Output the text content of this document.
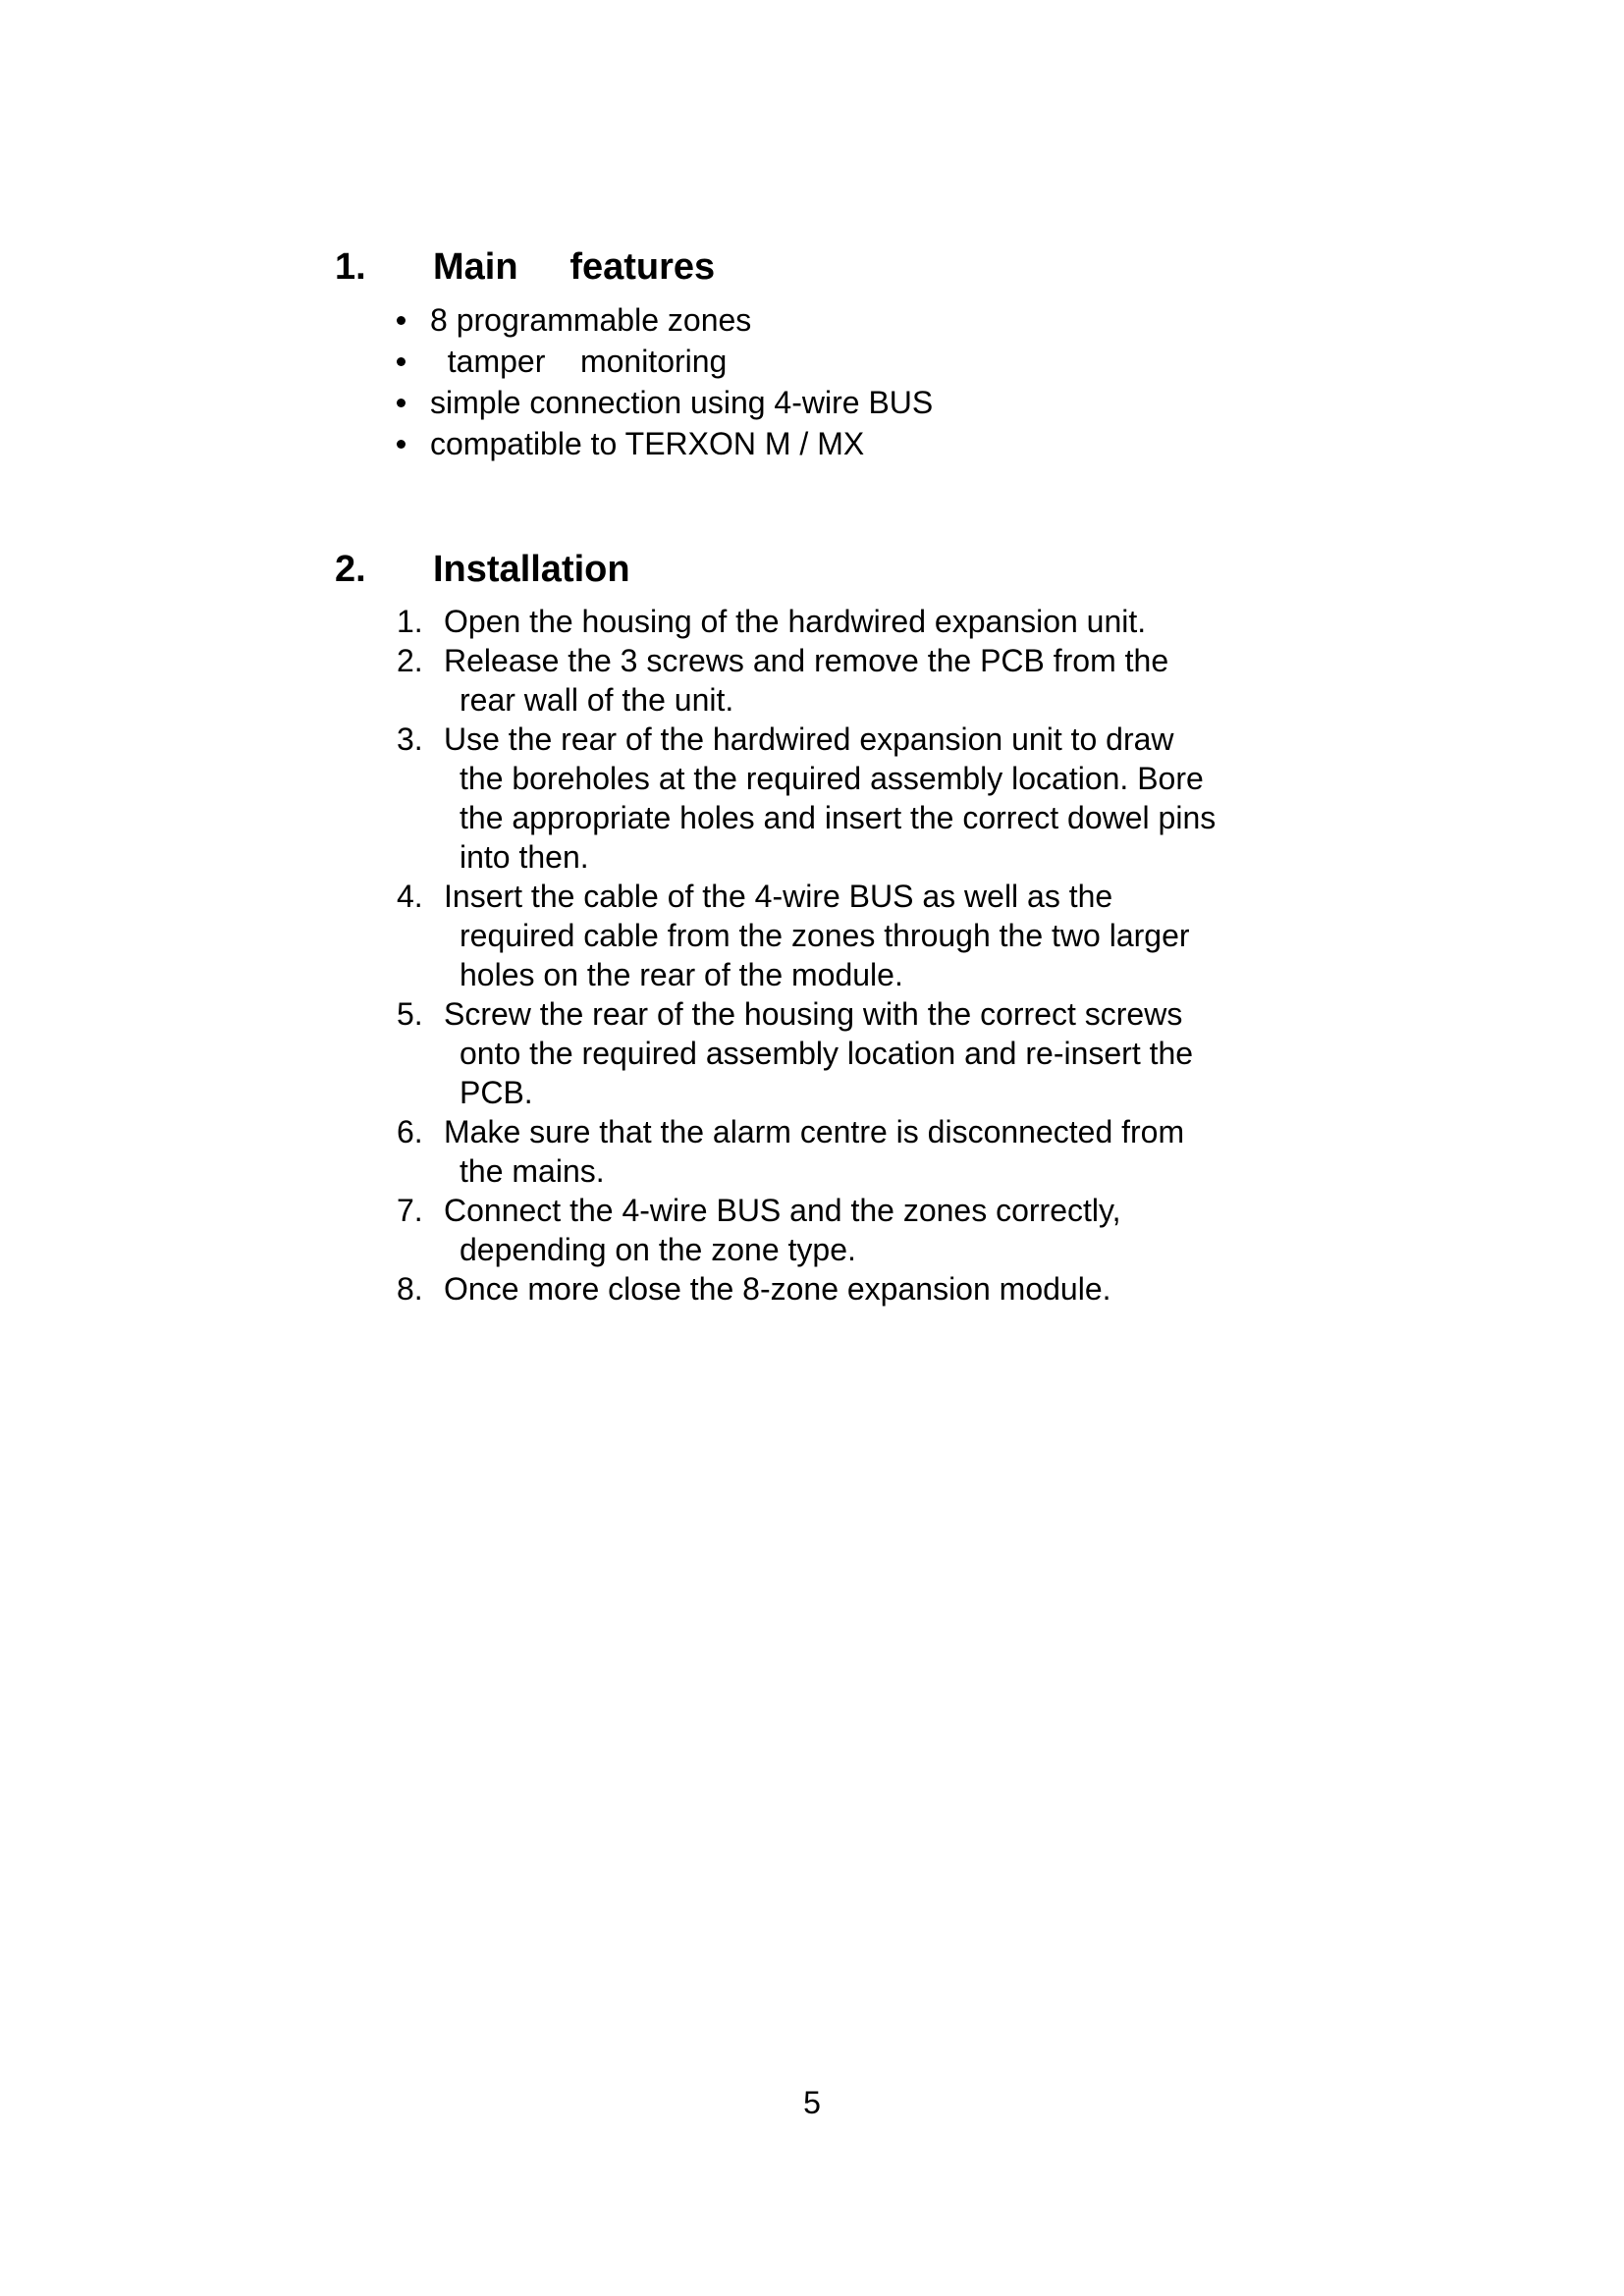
1. Main     features
8 programmable zones
tamper    monitoring
simple connection using 4-wire BUS
compatible to TERXON M / MX
2. Installation
1. Open the housing of the hardwired expansion unit.
2. Release the 3 screws and remove the PCB from the
rear wall of the unit.
3. Use the rear of the hardwired expansion unit to draw
the boreholes at the required assembly location. Bore
the appropriate holes and insert the correct dowel pins
into then.
4. Insert the cable of the 4-wire BUS as well as the
required cable from the zones through the two larger
holes on the rear of the module.
5. Screw the rear of the housing with the correct screws
onto the required assembly location and re-insert the
PCB.
6. Make sure that the alarm centre is disconnected from
the mains.
7. Connect the 4-wire BUS and the zones correctly,
depending on the zone type.
8. Once more close the 8-zone expansion module.
5
